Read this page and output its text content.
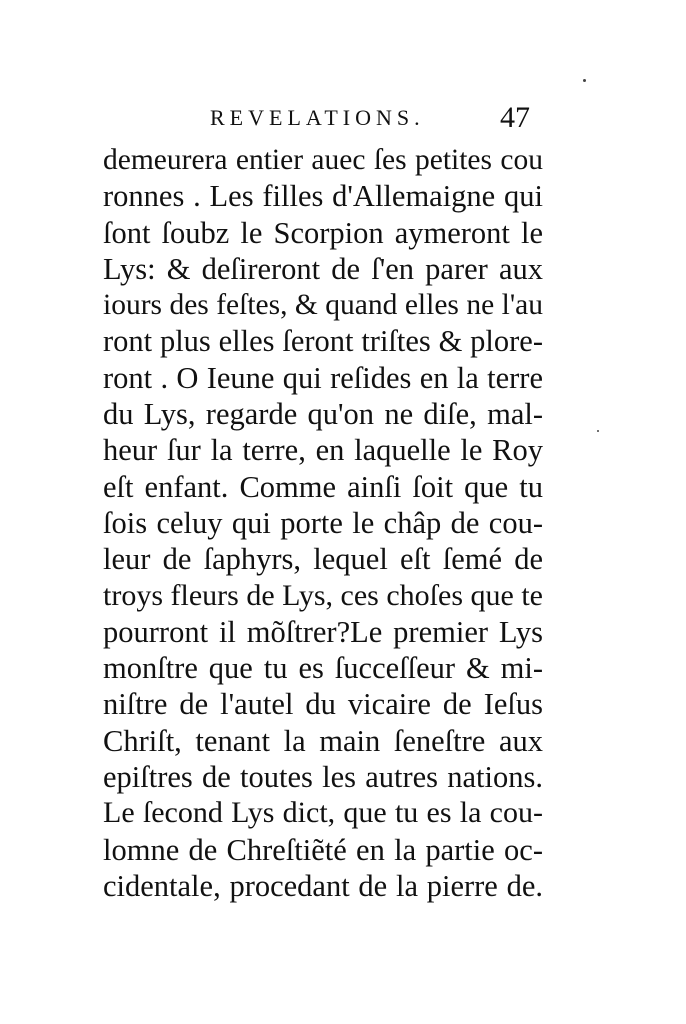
REVELATIONS.	47
demeurera entier auec ſes petites cou
ronnes . Les filles d'Allemaigne qui
ſont ſoubz le Scorpion aymeront le
Lys: & deſireront de ſ'en parer aux
iours des feſtes, & quand elles ne l'au
ront plus elles ſeront triſtes & plore-
ront . O Ieune qui reſides en la terre
du Lys, regarde qu'on ne diſe, mal-
heur ſur la terre, en laquelle le Roy
eſt enfant. Comme ainſi ſoit que tu
ſois celuy qui porte le châp de cou-
leur de ſaphyrs, lequel eſt ſemé de
troys fleurs de Lys, ces choſes que te
pourront il mõſtrer?Le premier Lys
monſtre que tu es ſucceſſeur & mi-
niſtre de l'autel du vicaire de Ieſus
Chriſt, tenant la main ſeneſtre aux
epiſtres de toutes les autres nations.
Le ſecond Lys dict, que tu es la cou-
lomne de Chreſtiẽté en la partie oc-
cidentale, procedant de la pierre de.
